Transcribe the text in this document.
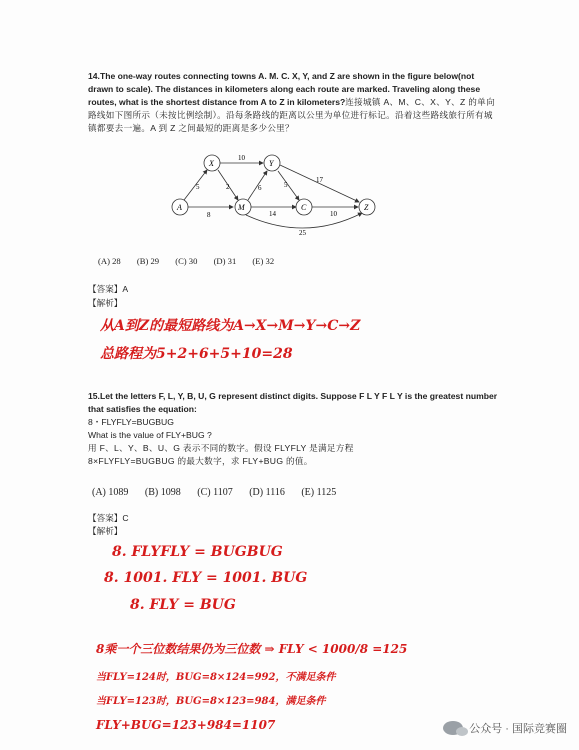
14.The one-way routes connecting towns A. M. C. X, Y, and Z are shown in the figure below(not drawn to scale). The distances in kilometers along each route are marked. Traveling along these routes, what is the shortest distance from A to Z in kilometers?连接城镇 A、M、C、X、Y、Z 的单向路线如下图所示（未按比例绘制）。沿每条路线的距离以公里为单位进行标记。沿着这些路线旅行所有城镇都要去一遍。A 到 Z 之间最短的距离是多少公里？
5	2
8
10
6	5
17
14	10
25
A
X
M
Y
C	Z
(A) 28 (B) 29 (C) 30 (D) 31 (E) 32
【答案】A
【解析】
从A到Z的最短路线为A→X→M→Y→C→Z
总路程为5+2+6+5+10=28
15.Let the letters F, L, Y, B, U, G represent distinct digits. Suppose F L Y F L Y is the greatest number that satisfies the equation:
8・FLYFLY=BUGBUG
What is the value of FLY+BUG ?
用 F、L、Y、B、U、G 表示不同的数字。假设 FLYFLY 是满足方程
8×FLYFLY=BUGBUG 的最大数字，求 FLY+BUG 的值。
(A) 1089 (B) 1098 (C) 1107 (D) 1116 (E) 1125
【答案】C
【解析】
8. FLYFLY = BUGBUG
8. 1001. FLY = 1001. BUG
8. FLY = BUG
8乘一个三位数结果仍为三位数 ⇒ FLY < 1000/8 =125
当FLY=124时，BUG=8×124=992，不满足条件
当FLY=123时，BUG=8×123=984，满足条件
FLY+BUG=123+984=1107	公众号 · 国际竞赛圈
